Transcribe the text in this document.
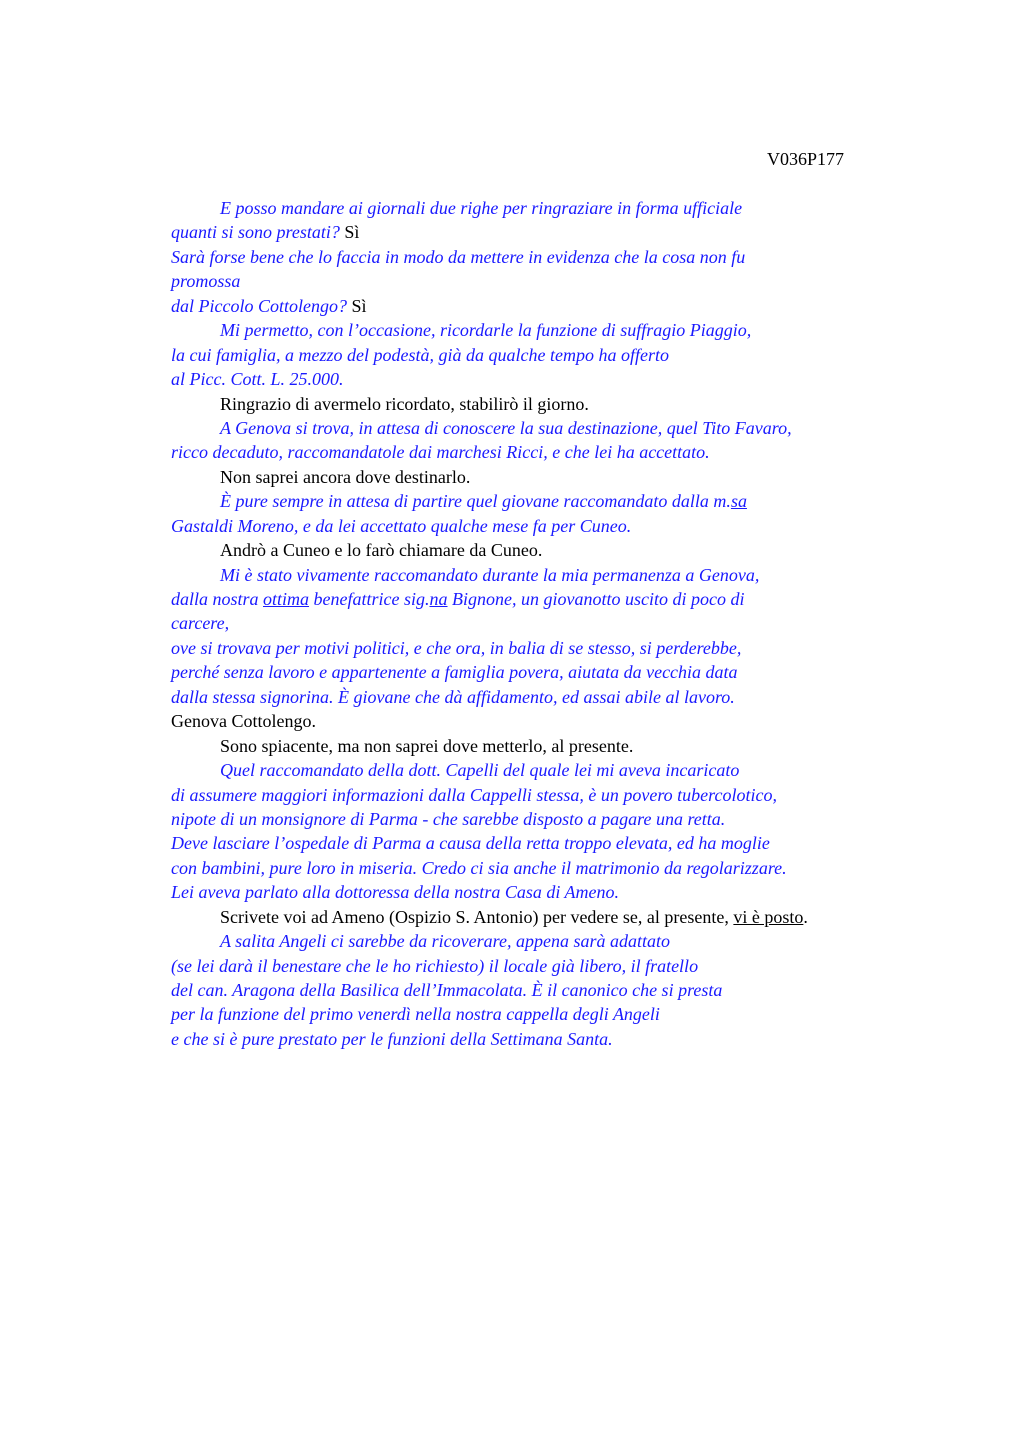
V036P177

E posso mandare ai giornali due righe per ringraziare in forma ufficiale
quanti si sono prestati? Sì
Sarà forse bene che lo faccia in modo da mettere in evidenza che la cosa non fu
promossa
dal Piccolo Cottolengo? Sì
Mi permetto, con l’occasione, ricordarle la funzione di suffragio Piaggio,
la cui famiglia, a mezzo del podestà, già da qualche tempo ha offerto
al Picc. Cott. L. 25.000.
Ringrazio di avermelo ricordato, stabilirò il giorno.
A Genova si trova, in attesa di conoscere la sua destinazione, quel Tito Favaro,
ricco decaduto, raccomandatole dai marchesi Ricci, e che lei ha accettato.
Non saprei ancora dove destinarlo.
È pure sempre in attesa di partire quel giovane raccomandato dalla m.sa
Gastaldi Moreno, e da lei accettato qualche mese fa per Cuneo.
Andrò a Cuneo e lo farò chiamare da Cuneo.
Mi è stato vivamente raccomandato durante la mia permanenza a Genova,
dalla nostra ottima benefattrice sig.na Bignone, un giovanotto uscito di poco di
carcere,
ove si trovava per motivi politici, e che ora, in balia di se stesso, si perderebbe,
perché senza lavoro e appartenente a famiglia povera, aiutata da vecchia data
dalla stessa signorina. È giovane che dà affidamento, ed assai abile al lavoro.
Genova Cottolengo.
Sono spiacente, ma non saprei dove metterlo, al presente.
Quel raccomandato della dott. Capelli del quale lei mi aveva incaricato
di assumere maggiori informazioni dalla Cappelli stessa, è un povero tubercolotico,
nipote di un monsignore di Parma - che sarebbe disposto a pagare una retta.
Deve lasciare l’ospedale di Parma a causa della retta troppo elevata, ed ha moglie
con bambini, pure loro in miseria. Credo ci sia anche il matrimonio da regolarizzare.
Lei aveva parlato alla dottoressa della nostra Casa di Ameno.
Scrivete voi ad Ameno (Ospizio S. Antonio) per vedere se, al presente, vi è posto.
A salita Angeli ci sarebbe da ricoverare, appena sarà adattato
(se lei darà il benestare che le ho richiesto) il locale già libero, il fratello
del can. Aragona della Basilica dell’Immacolata. È il canonico che si presta
per la funzione del primo venerdì nella nostra cappella degli Angeli
e che si è pure prestato per le funzioni della Settimana Santa.
